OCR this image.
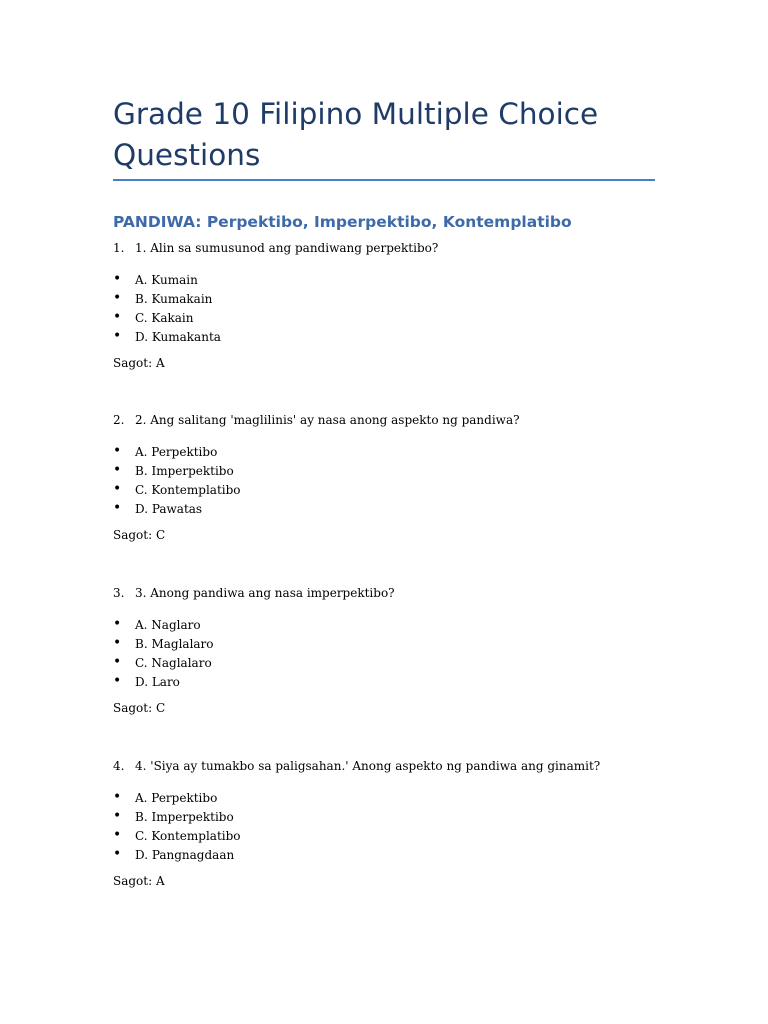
Grade 10 Filipino Multiple Choice Questions
PANDIWA: Perpektibo, Imperpektibo, Kontemplatibo
1. 1. Alin sa sumusunod ang pandiwang perpektibo?
• A. Kumain
• B. Kumakain
• C. Kakain
• D. Kumakanta
Sagot: A
2. 2. Ang salitang 'maglilinis' ay nasa anong aspekto ng pandiwa?
• A. Perpektibo
• B. Imperpektibo
• C. Kontemplatibo
• D. Pawatas
Sagot: C
3. 3. Anong pandiwa ang nasa imperpektibo?
• A. Naglaro
• B. Maglalaro
• C. Naglalaro
• D. Laro
Sagot: C
4. 4. 'Siya ay tumakbo sa paligsahan.' Anong aspekto ng pandiwa ang ginamit?
• A. Perpektibo
• B. Imperpektibo
• C. Kontemplatibo
• D. Pangnagdaan
Sagot: A
